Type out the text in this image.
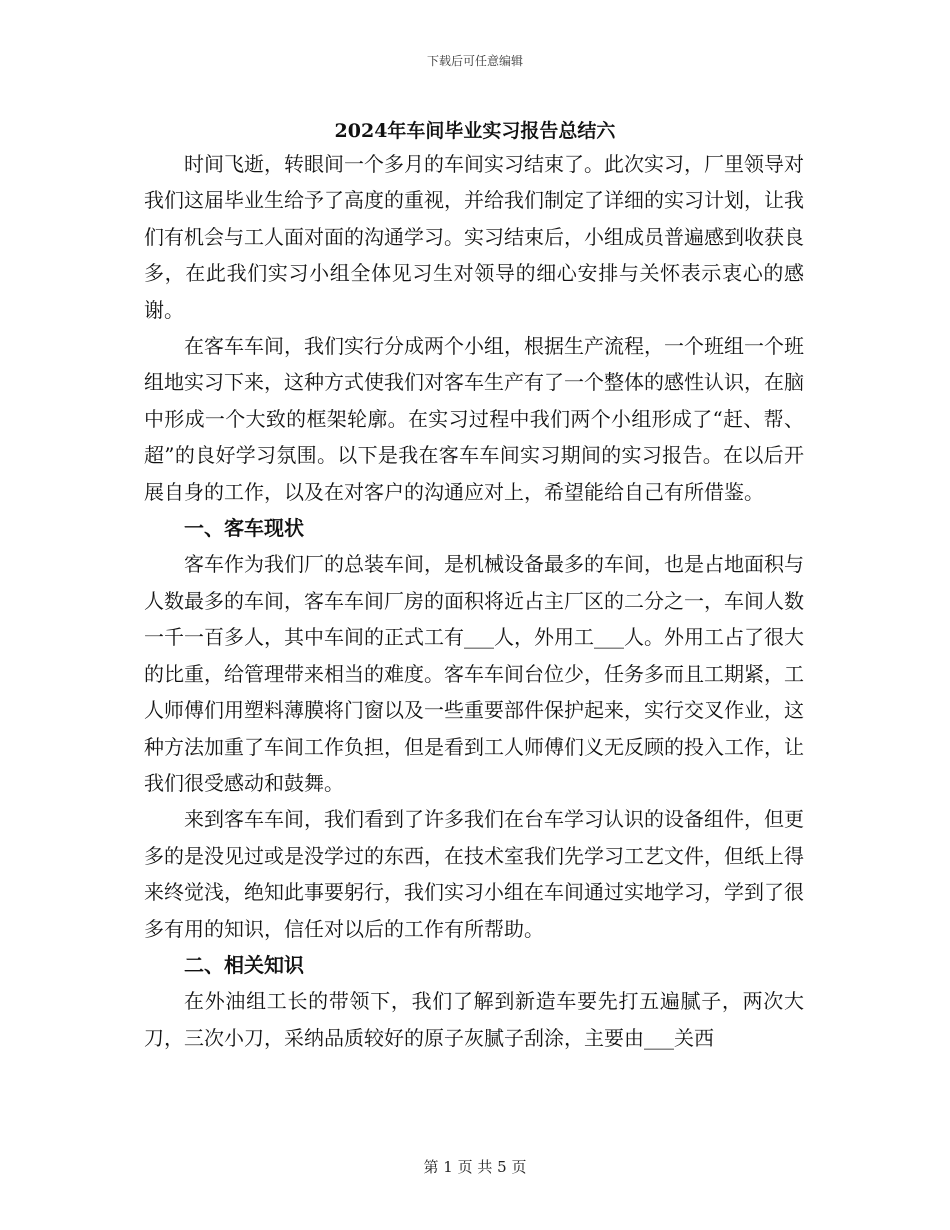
下载后可任意编辑
2024年车间毕业实习报告总结六

时间飞逝，转眼间一个多月的车间实习结束了。此次实习，厂里领导对我们这届毕业生给予了高度的重视，并给我们制定了详细的实习计划，让我们有机会与工人面对面的沟通学习。实习结束后，小组成员普遍感到收获良多，在此我们实习小组全体见习生对领导的细心安排与关怀表示衷心的感谢。

在客车车间，我们实行分成两个小组，根据生产流程，一个班组一个班组地实习下来，这种方式使我们对客车生产有了一个整体的感性认识，在脑中形成一个大致的框架轮廓。在实习过程中我们两个小组形成了“赶、帮、超”的良好学习氛围。以下是我在客车车间实习期间的实习报告。在以后开展自身的工作，以及在对客户的沟通应对上，希望能给自己有所借鉴。

一、客车现状

客车作为我们厂的总装车间，是机械设备最多的车间，也是占地面积与人数最多的车间，客车车间厂房的面积将近占主厂区的二分之一，车间人数一千一百多人，其中车间的正式工有___人，外用工___人。外用工占了很大的比重，给管理带来相当的难度。客车车间台位少，任务多而且工期紧，工人师傅们用塑料薄膜将门窗以及一些重要部件保护起来，实行交叉作业，这种方法加重了车间工作负担，但是看到工人师傅们义无反顾的投入工作，让我们很受感动和鼓舞。

来到客车车间，我们看到了许多我们在台车学习认识的设备组件，但更多的是没见过或是没学过的东西，在技术室我们先学习工艺文件，但纸上得来终觉浅，绝知此事要躬行，我们实习小组在车间通过实地学习，学到了很多有用的知识，信任对以后的工作有所帮助。

二、相关知识

在外油组工长的带领下，我们了解到新造车要先打五遍腻子，两次大刀，三次小刀，采纳品质较好的原子灰腻子刮涂，主要由___关西

第 1 页 共 5 页
